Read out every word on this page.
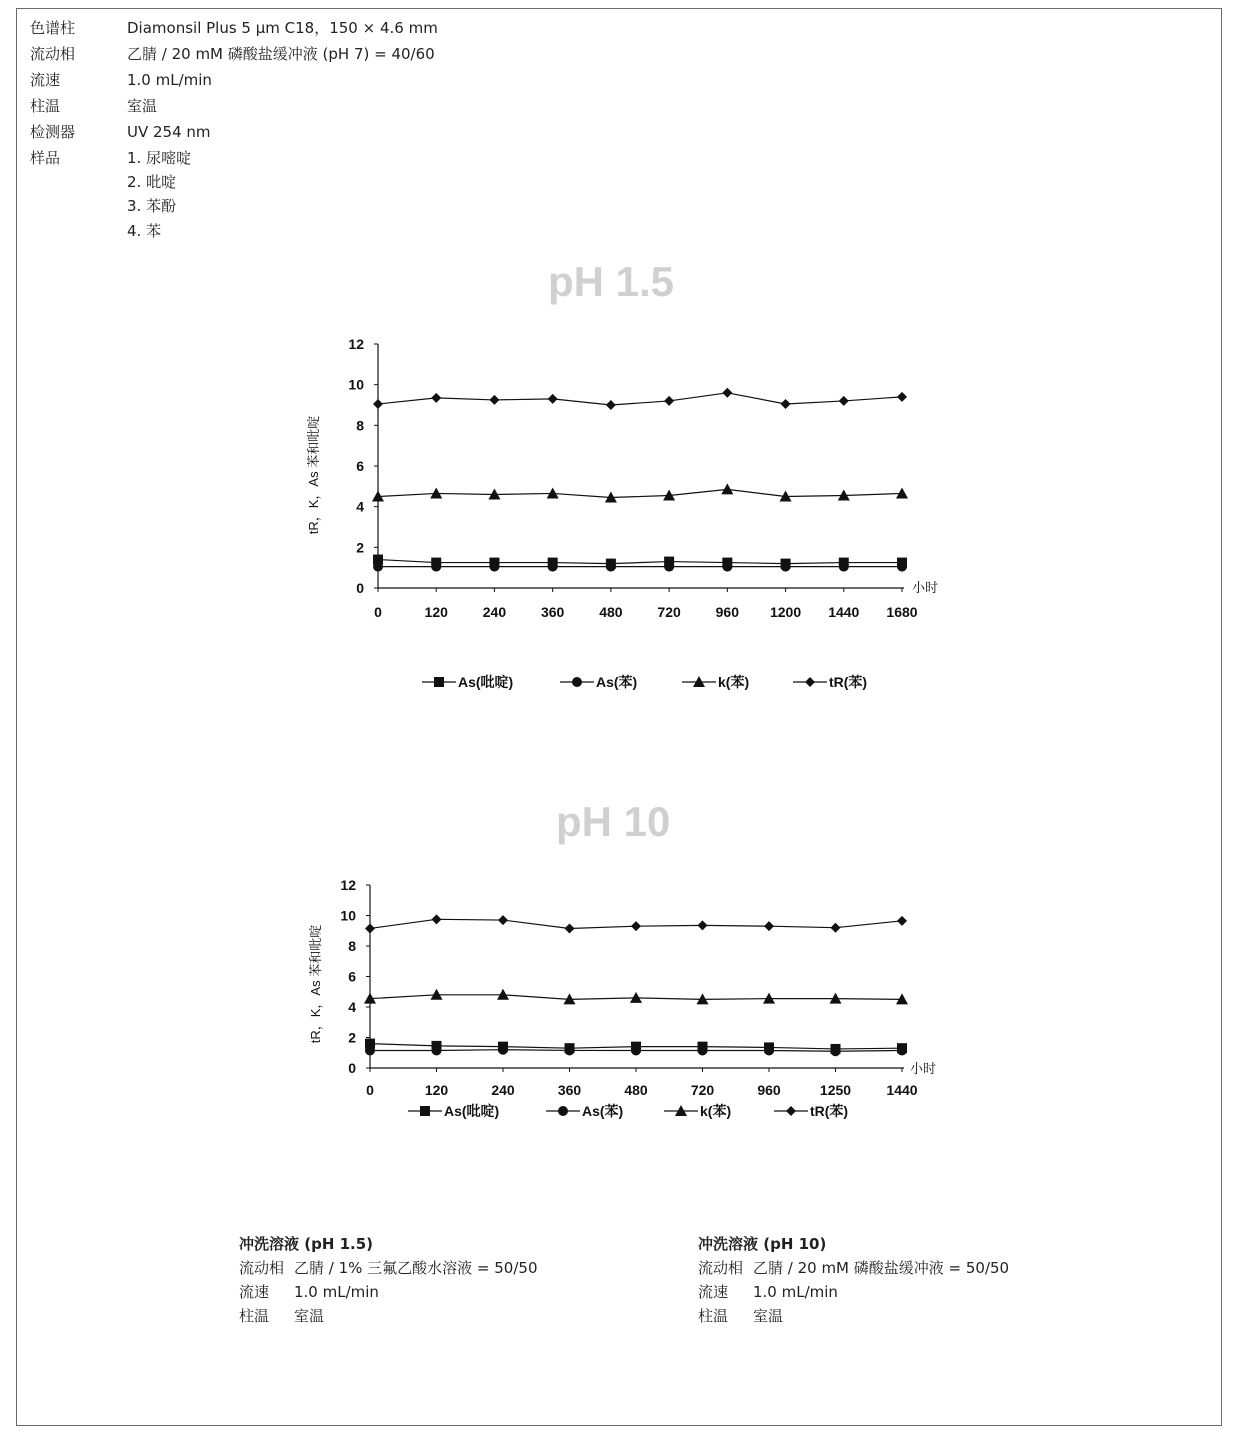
色谱柱	Diamonsil Plus 5 μm C18，150 × 4.6 mm
流动相	乙腈 / 20 mM 磷酸盐缓冲液 (pH 7) = 40/60
流速	1.0 mL/min
柱温	室温
检测器	UV 254 nm
样品	1. 尿嘧啶
2. 吡啶
3. 苯酚
4. 苯
pH 1.5
0
2
4
6
8
10
12
0	120 240 360 480 720 960 1200 1440 1680
小时
tR，K，As 苯和吡啶
As(吡啶)	As(苯)	k(苯)	tR(苯)
pH 10
0
2
4
6
8
10
12
0	120	240	360	480	720	960	1250	1440
小时
tR，K，As 苯和吡啶
As(吡啶)	As(苯)	k(苯)	tR(苯)
冲洗溶液 (pH 1.5)
流动相 乙腈 / 1% 三氟乙酸水溶液 = 50/50
流速 1.0 mL/min
柱温 室温
冲洗溶液 (pH 10)
流动相 乙腈 / 20 mM 磷酸盐缓冲液 = 50/50
流速 1.0 mL/min
柱温 室温
